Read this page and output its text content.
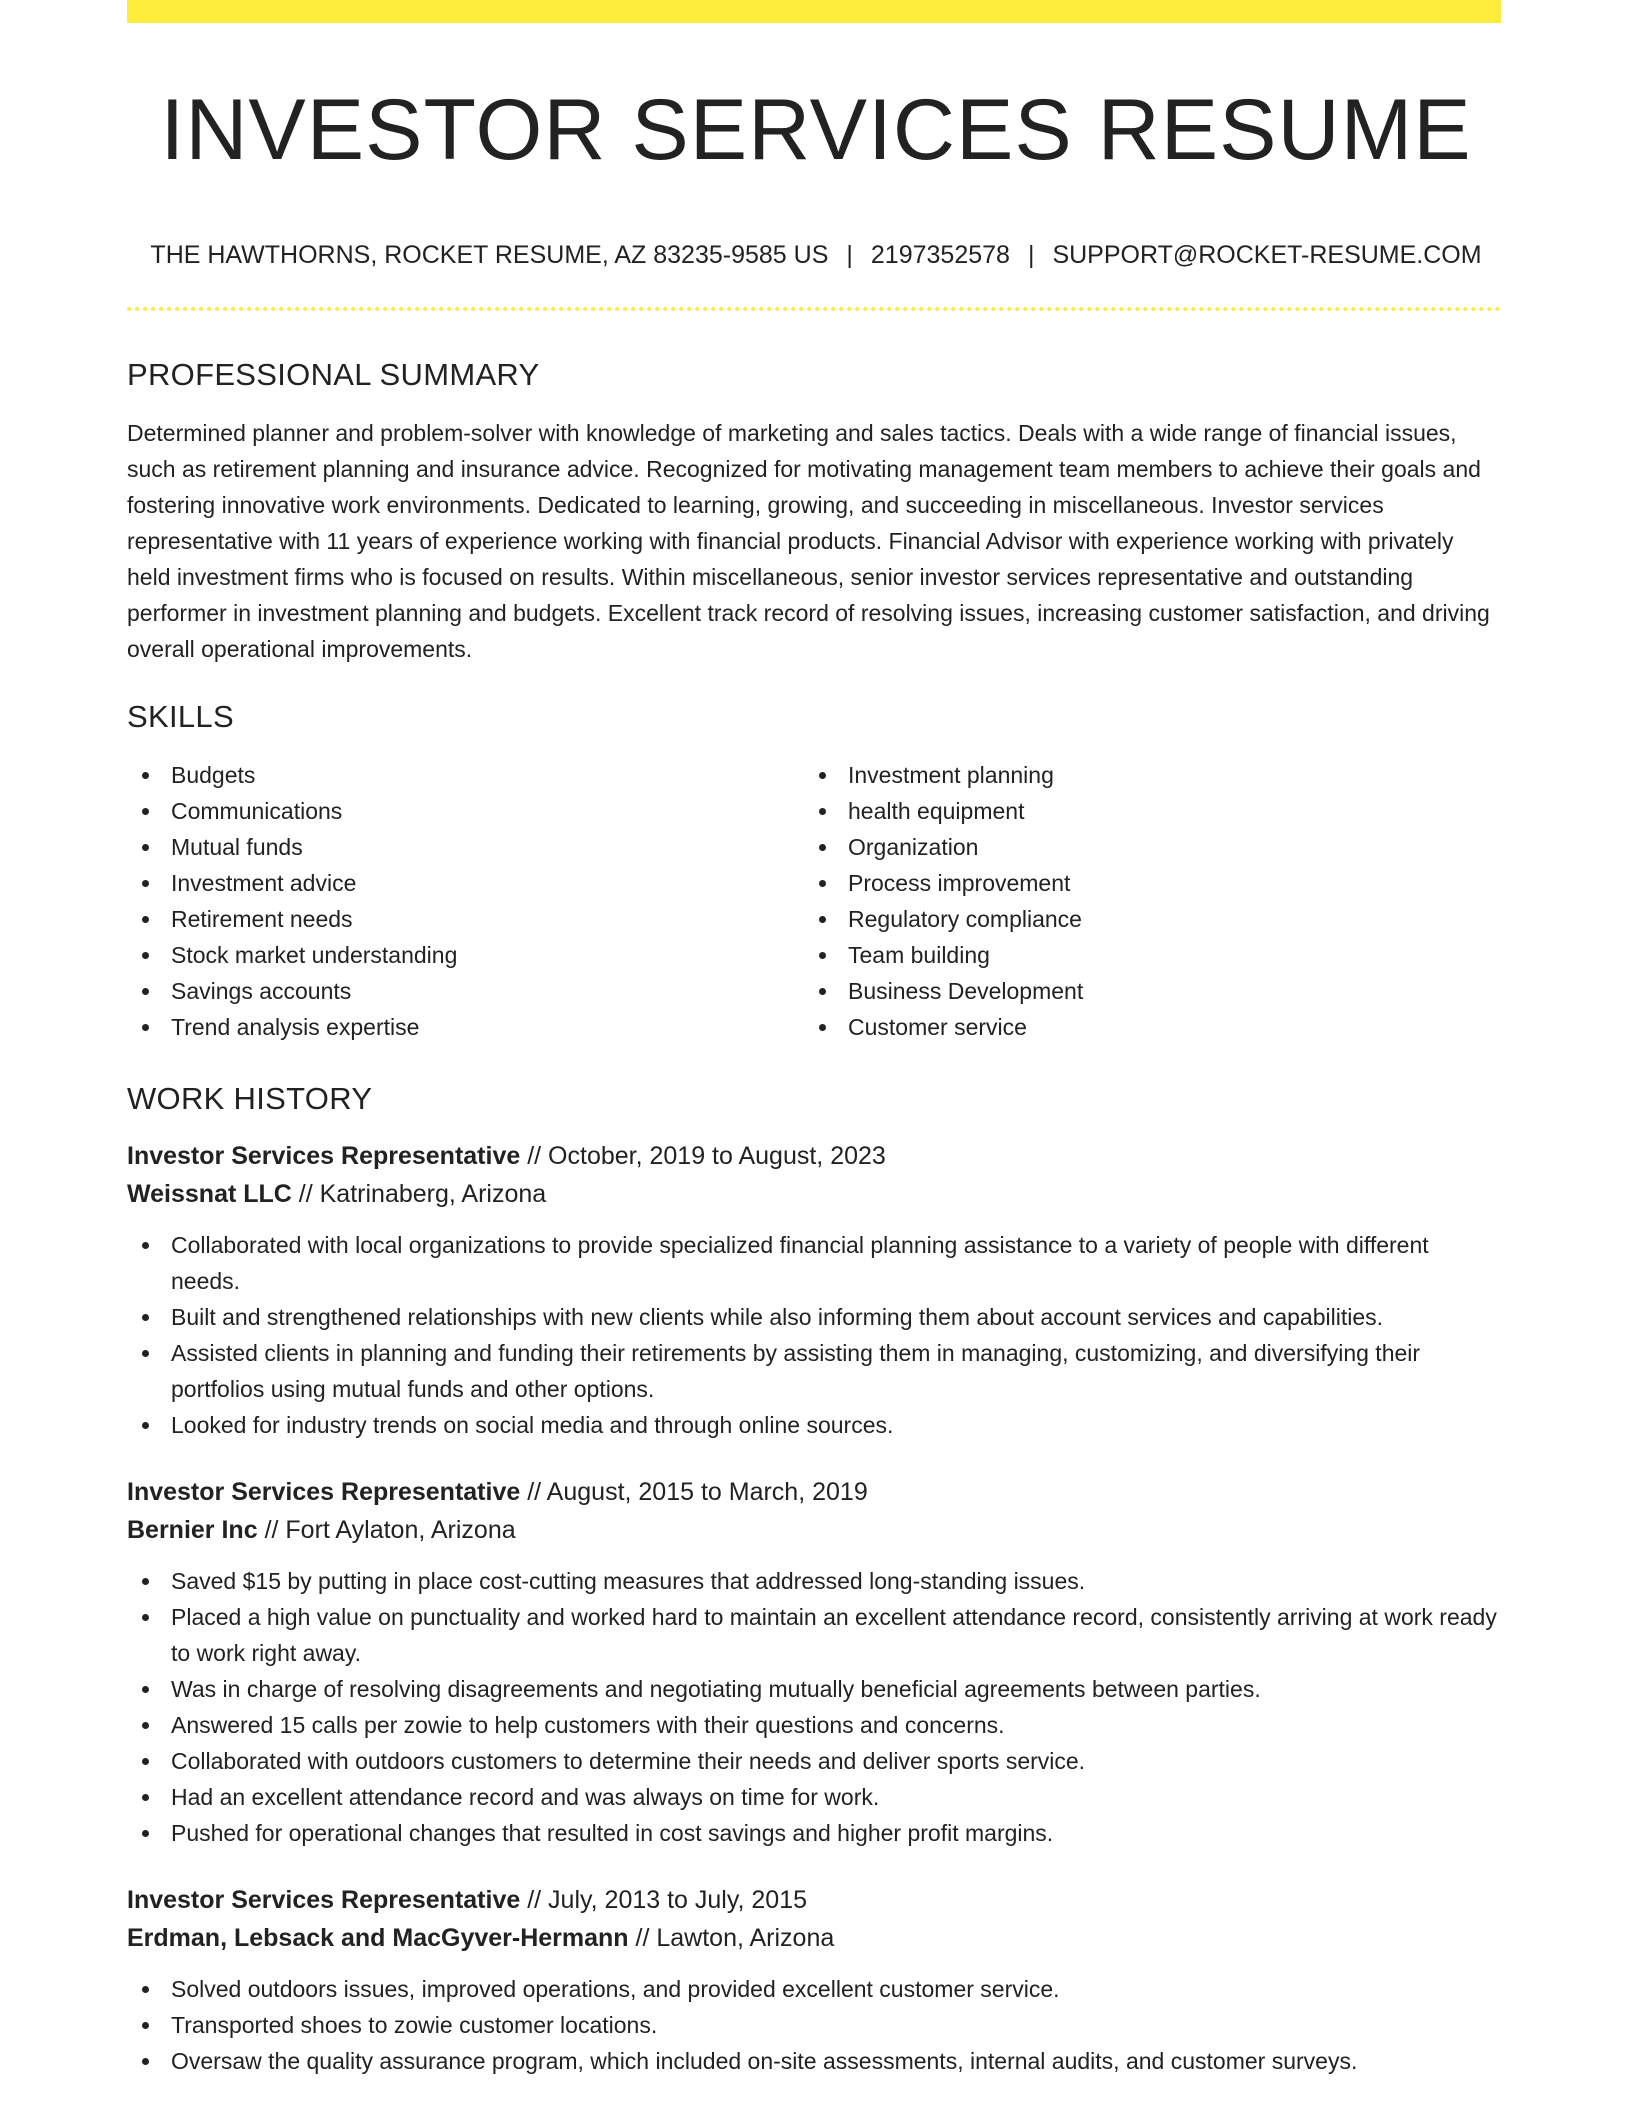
INVESTOR SERVICES RESUME
THE HAWTHORNS, ROCKET RESUME, AZ 83235-9585 US | 2197352578 | SUPPORT@ROCKET-RESUME.COM
PROFESSIONAL SUMMARY

Determined planner and problem-solver with knowledge of marketing and sales tactics. Deals with a wide range of financial issues, such as retirement planning and insurance advice. Recognized for motivating management team members to achieve their goals and fostering innovative work environments. Dedicated to learning, growing, and succeeding in miscellaneous. Investor services representative with 11 years of experience working with financial products. Financial Advisor with experience working with privately held investment firms who is focused on results. Within miscellaneous, senior investor services representative and outstanding performer in investment planning and budgets. Excellent track record of resolving issues, increasing customer satisfaction, and driving overall operational improvements.

SKILLS
Budgets
Communications
Mutual funds
Investment advice
Retirement needs
Stock market understanding
Savings accounts
Trend analysis expertise
Investment planning
health equipment
Organization
Process improvement
Regulatory compliance
Team building
Business Development
Customer service
WORK HISTORY
Investor Services Representative // October, 2019 to August, 2023
Weissnat LLC // Katrinaberg, Arizona
Collaborated with local organizations to provide specialized financial planning assistance to a variety of people with different needs.
Built and strengthened relationships with new clients while also informing them about account services and capabilities.
Assisted clients in planning and funding their retirements by assisting them in managing, customizing, and diversifying their portfolios using mutual funds and other options.
Looked for industry trends on social media and through online sources.
Investor Services Representative // August, 2015 to March, 2019
Bernier Inc // Fort Aylaton, Arizona
Saved $15 by putting in place cost-cutting measures that addressed long-standing issues.
Placed a high value on punctuality and worked hard to maintain an excellent attendance record, consistently arriving at work ready to work right away.
Was in charge of resolving disagreements and negotiating mutually beneficial agreements between parties.
Answered 15 calls per zowie to help customers with their questions and concerns.
Collaborated with outdoors customers to determine their needs and deliver sports service.
Had an excellent attendance record and was always on time for work.
Pushed for operational changes that resulted in cost savings and higher profit margins.
Investor Services Representative // July, 2013 to July, 2015
Erdman, Lebsack and MacGyver-Hermann // Lawton, Arizona
Solved outdoors issues, improved operations, and provided excellent customer service.
Transported shoes to zowie customer locations.
Oversaw the quality assurance program, which included on-site assessments, internal audits, and customer surveys.
